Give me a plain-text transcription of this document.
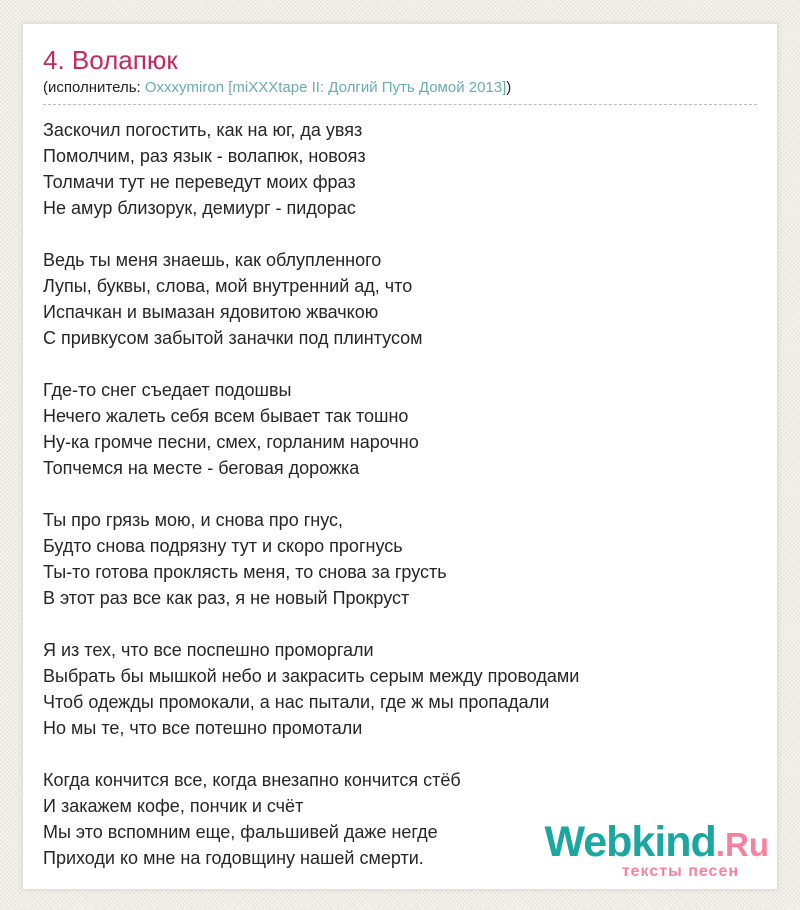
4. Волапюк
(исполнитель: Oxxxymiron [miXXXtape II: Долгий Путь Домой 2013])
Заскочил погостить, как на юг, да увяз
Помолчим, раз язык - волапюк, новояз
Толмачи тут не переведут моих фраз
Не амур близорук, демиург - пидорас
Ведь ты меня знаешь, как облупленного
Лупы, буквы, слова, мой внутренний ад, что
Испачкан и вымазан ядовитою жвачкою
С привкусом забытой заначки под плинтусом
Где-то снег съедает подошвы
Нечего жалеть себя всем бывает так тошно
Ну-ка громче песни, смех, горланим нарочно
Топчемся на месте - беговая дорожка
Ты про грязь мою, и снова про гнус,
Будто снова подрязну тут и скоро прогнусь
Ты-то готова проклясть меня, то снова за грусть
В этот раз все как раз, я не новый Прокруст
Я из тех, что все поспешно проморгали
Выбрать бы мышкой небо и закрасить серым между проводами
Чтоб одежды промокали, а нас пытали, где ж мы пропадали
Но мы те, что все потешно промотали
Когда кончится все, когда внезапно кончится стёб
И закажем кофе, пончик и счёт
Мы это вспомним еще, фальшивей даже негде
Приходи ко мне на годовщину нашей смерти.	Webkind.Ru
тексты песен
